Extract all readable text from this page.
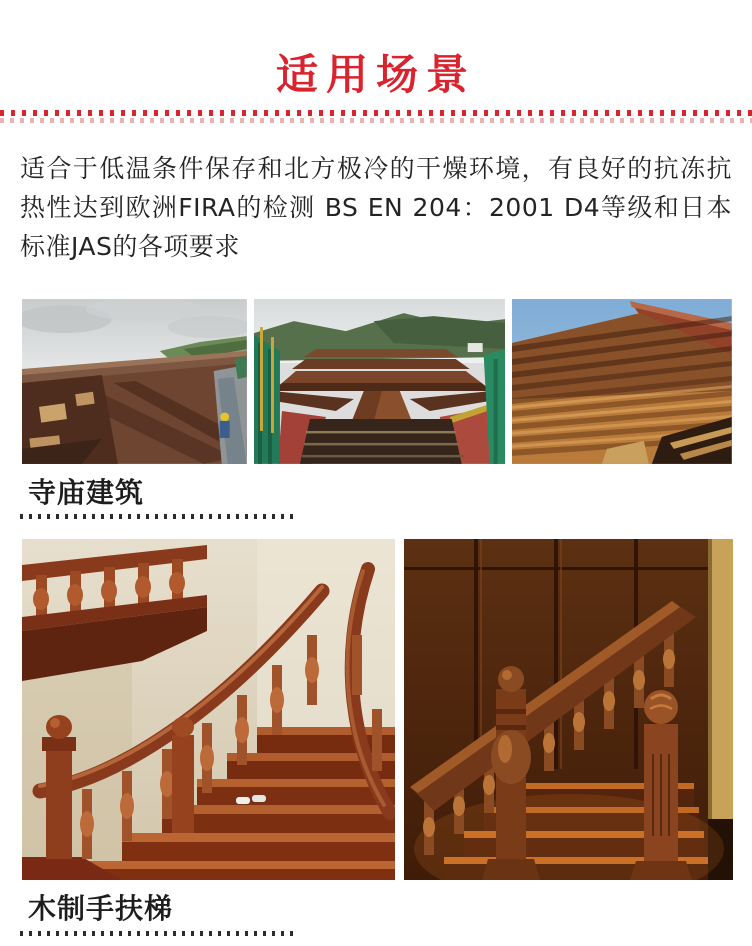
适用场景
适合于低温条件保存和北方极冷的干燥环境，有良好的抗冻抗热性达到欧洲FIRA的检测 BS EN 204：2001 D4等级和日本标准JAS的各项要求
寺庙建筑
木制手扶梯
